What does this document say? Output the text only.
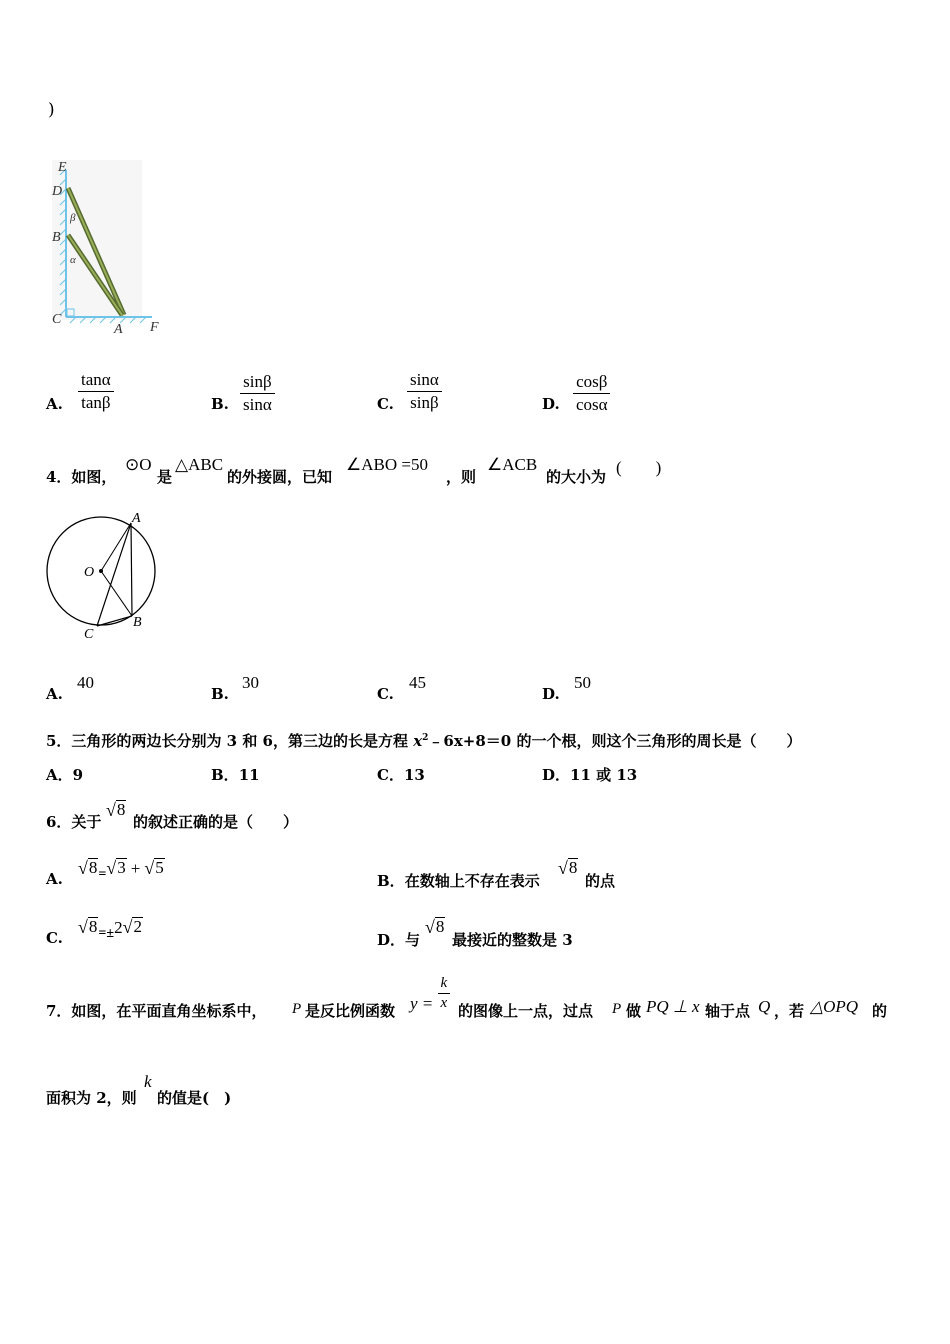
)
E
D
B
C
A F
β
α
A. $\frac{\tan\alpha}{\tan\beta}$	B. $\frac{\sin\beta}{\sin\alpha}$	C. $\frac{\sin\alpha}{\sin\beta}$	D. $\frac{\cos\beta}{\cos\alpha}$
4．如图，
⊙O
是
△ABC
的外接圆，已知
∠ABO =50
，则
∠ACB
的大小为 (　　)
A
O
C
B
A.
40
B.
30
C.
45
D.
50
5．三角形的两边长分别为 3 和 6，第三边的长是方程 $x^2﹣6x+8=0$ 的一个根，则这个三角形的周长是（　　）
A．9	B．11	C．13	D．11 或 13
6．关于
√ 8
的叙述正确的是（　　）
A.
√ 8 $_=$ √ 3 + √ 5
B．在数轴上不存在表示
√ 8
的点
C.
√ 8 $_{=\pm}$2 √ 2
D．与
√ 8
最接近的整数是 3
7．如图，在平面直角坐标系中， P 是反比例函数 $y = \frac{k}{x}$ 的图像上一点，过点 P 做 PQ ⊥ x 轴于点 Q ，若 △OPQ 的
面积为 2，则
k
的值是(　)
